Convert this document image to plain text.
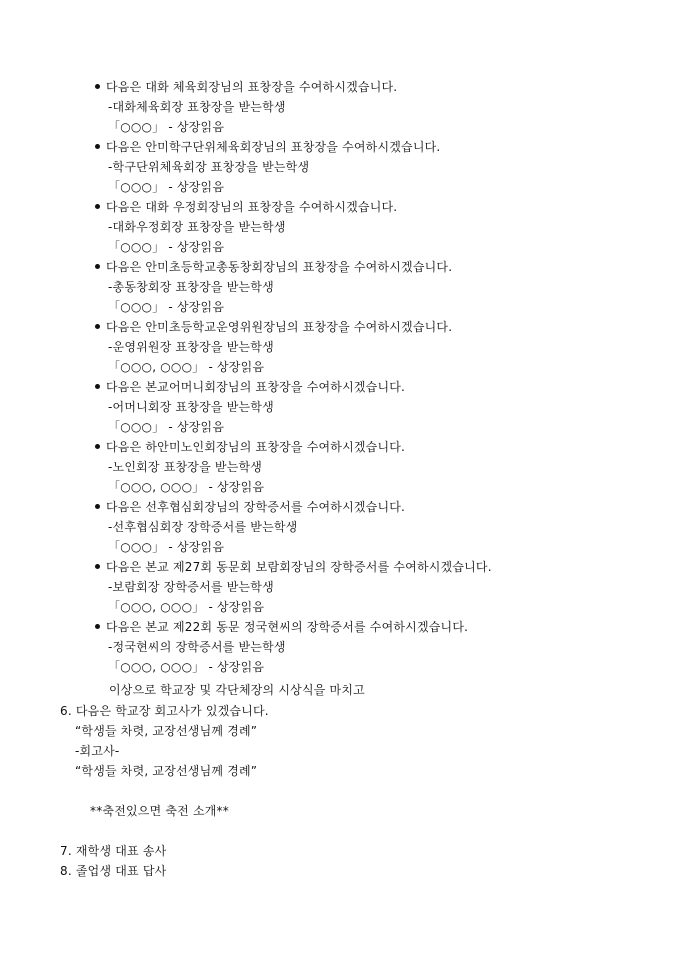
다음은 대화 체육회장님의 표창장을 수여하시겠습니다.
-대화체육회장 표창장을 받는학생
「○○○」 - 상장읽음
다음은 안미학구단위체육회장님의 표창장을 수여하시겠습니다.
-학구단위체육회장 표창장을 받는학생
「○○○」 - 상장읽음
다음은 대화 우정회장님의 표창장을 수여하시겠습니다.
-대화우정회장 표창장을 받는학생
「○○○」 - 상장읽음
다음은 안미초등학교총동창회장님의 표창장을 수여하시겠습니다.
-총동창회장 표창장을 받는학생
「○○○」 - 상장읽음
다음은 안미초등학교운영위원장님의 표창장을 수여하시겠습니다.
-운영위원장 표창장을 받는학생
「○○○, ○○○」 - 상장읽음
다음은 본교어머니회장님의 표창장을 수여하시겠습니다.
-어머니회장 표창장을 받는학생
「○○○」 - 상장읽음
다음은 하안미노인회장님의 표창장을 수여하시겠습니다.
-노인회장 표창장을 받는학생
「○○○, ○○○」 - 상장읽음
다음은 선후협심회장님의 장학증서를 수여하시겠습니다.
-선후협심회장 장학증서를 받는학생
「○○○」 - 상장읽음
다음은 본교 제27회 동문회 보람회장님의 장학증서를 수여하시겠습니다.
-보람회장 장학증서를 받는학생
「○○○, ○○○」 - 상장읽음
다음은 본교 제22회 동문 정국현씨의 장학증서를 수여하시겠습니다.
-정국현씨의 장학증서를 받는학생
「○○○, ○○○」 - 상장읽음
이상으로 학교장 및 각단체장의 시상식을 마치고
6. 다음은 학교장 회고사가 있겠습니다.
“학생들 차렷, 교장선생님께 경례”
-회고사-
“학생들 차렷, 교장선생님께 경례”
**축전있으면 축전 소개**
7. 재학생 대표 송사
8. 졸업생 대표 답사
